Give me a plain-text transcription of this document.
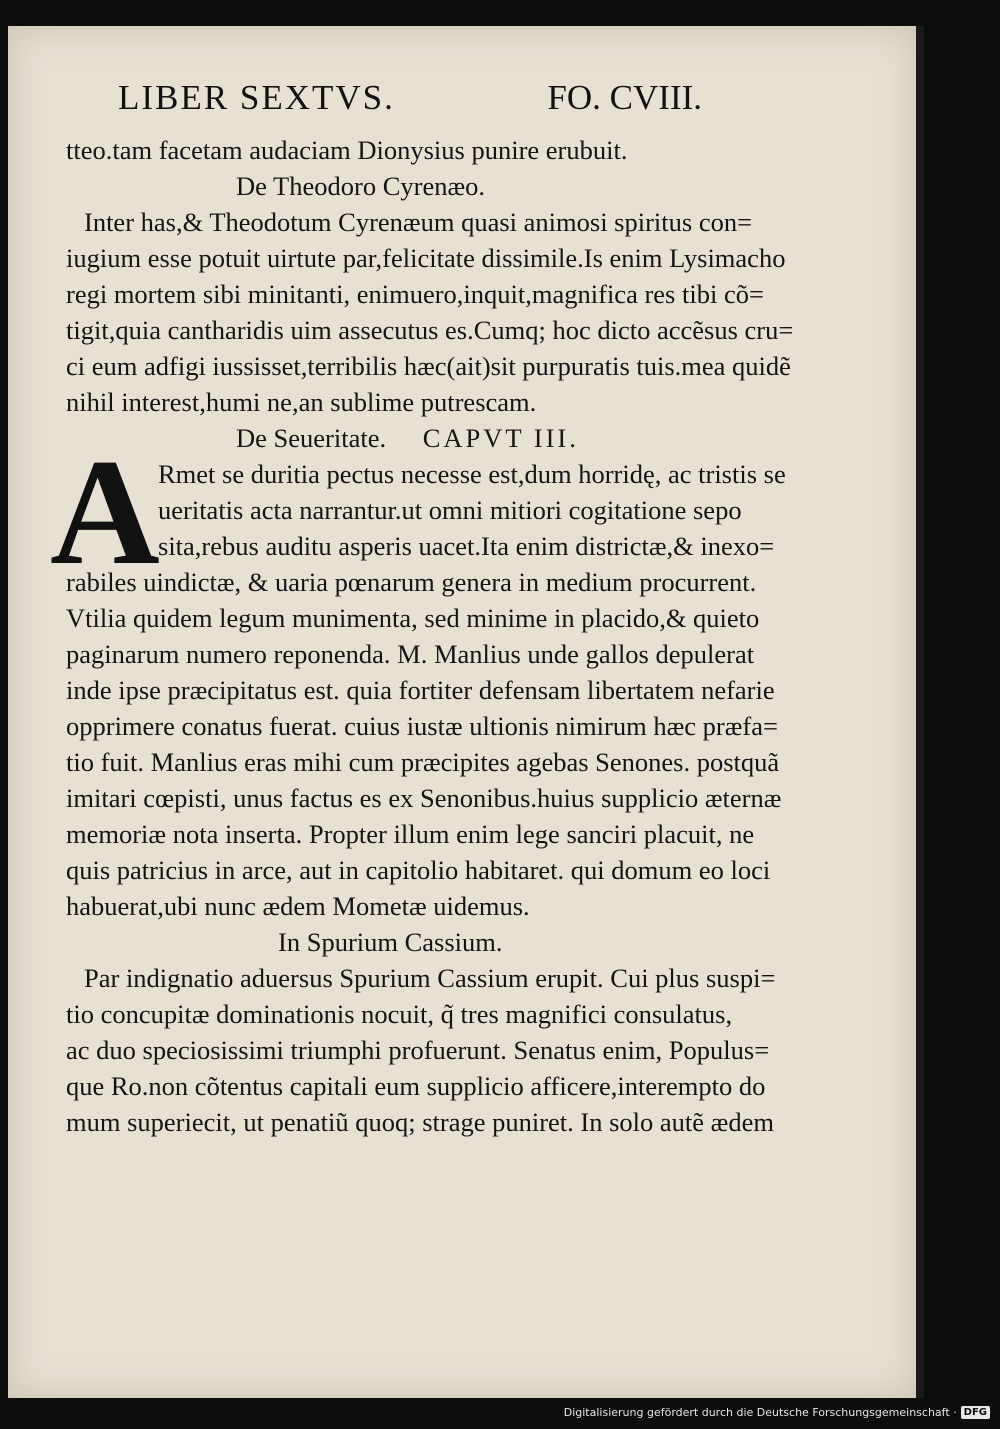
LIBER SEXTVS.	FO. CVIII.
A
tteo.tam facetam audaciam Dionysius punire erubuit.
De Theodoro Cyrenæo.
Inter has,& Theodotum Cyrenæum quasi animosi spiritus con=
iugium esse potuit uirtute par,felicitate dissimile.Is enim Lysimacho
regi mortem sibi minitanti, enimuero,inquit,magnifica res tibi cõ=
tigit,quia cantharidis uim assecutus es.Cumq; hoc dicto accẽsus cru=
ci eum adfigi iussisset,terribilis hæc(ait)sit purpuratis tuis.mea quidẽ
nihil interest,humi ne,an sublime putrescam.
De Seueritate. CAPVT III.
Rmet se duritia pectus necesse est,dum horridę, ac tristis se
ueritatis acta narrantur.ut omni mitiori cogitatione sepo
sita,rebus auditu asperis uacet.Ita enim districtæ,& inexo=
rabiles uindictæ, & uaria pœnarum genera in medium procurrent.
Vtilia quidem legum munimenta, sed minime in placido,& quieto
paginarum numero reponenda. M. Manlius unde gallos depulerat
inde ipse præcipitatus est. quia fortiter defensam libertatem nefarie
opprimere conatus fuerat. cuius iustæ ultionis nimirum hæc præfa=
tio fuit. Manlius eras mihi cum præcipites agebas Senones. postquã
imitari cœpisti, unus factus es ex Senonibus.huius supplicio æternæ
memoriæ nota inserta. Propter illum enim lege sanciri placuit, ne
quis patricius in arce, aut in capitolio habitaret. qui domum eo loci
habuerat,ubi nunc ædem Mometæ uidemus.
In Spurium Cassium.
Par indignatio aduersus Spurium Cassium erupit. Cui plus suspi=
tio concupitæ dominationis nocuit, q̃ tres magnifici consulatus,
ac duo speciosissimi triumphi profuerunt. Senatus enim, Populus=
que Ro.non cõtentus capitali eum supplicio afficere,interempto do
mum superiecit, ut penatiũ quoq; strage puniret. In solo autẽ ædem
Digitalisierung gefördert durch die Deutsche Forschungsgemeinschaft · DFG
